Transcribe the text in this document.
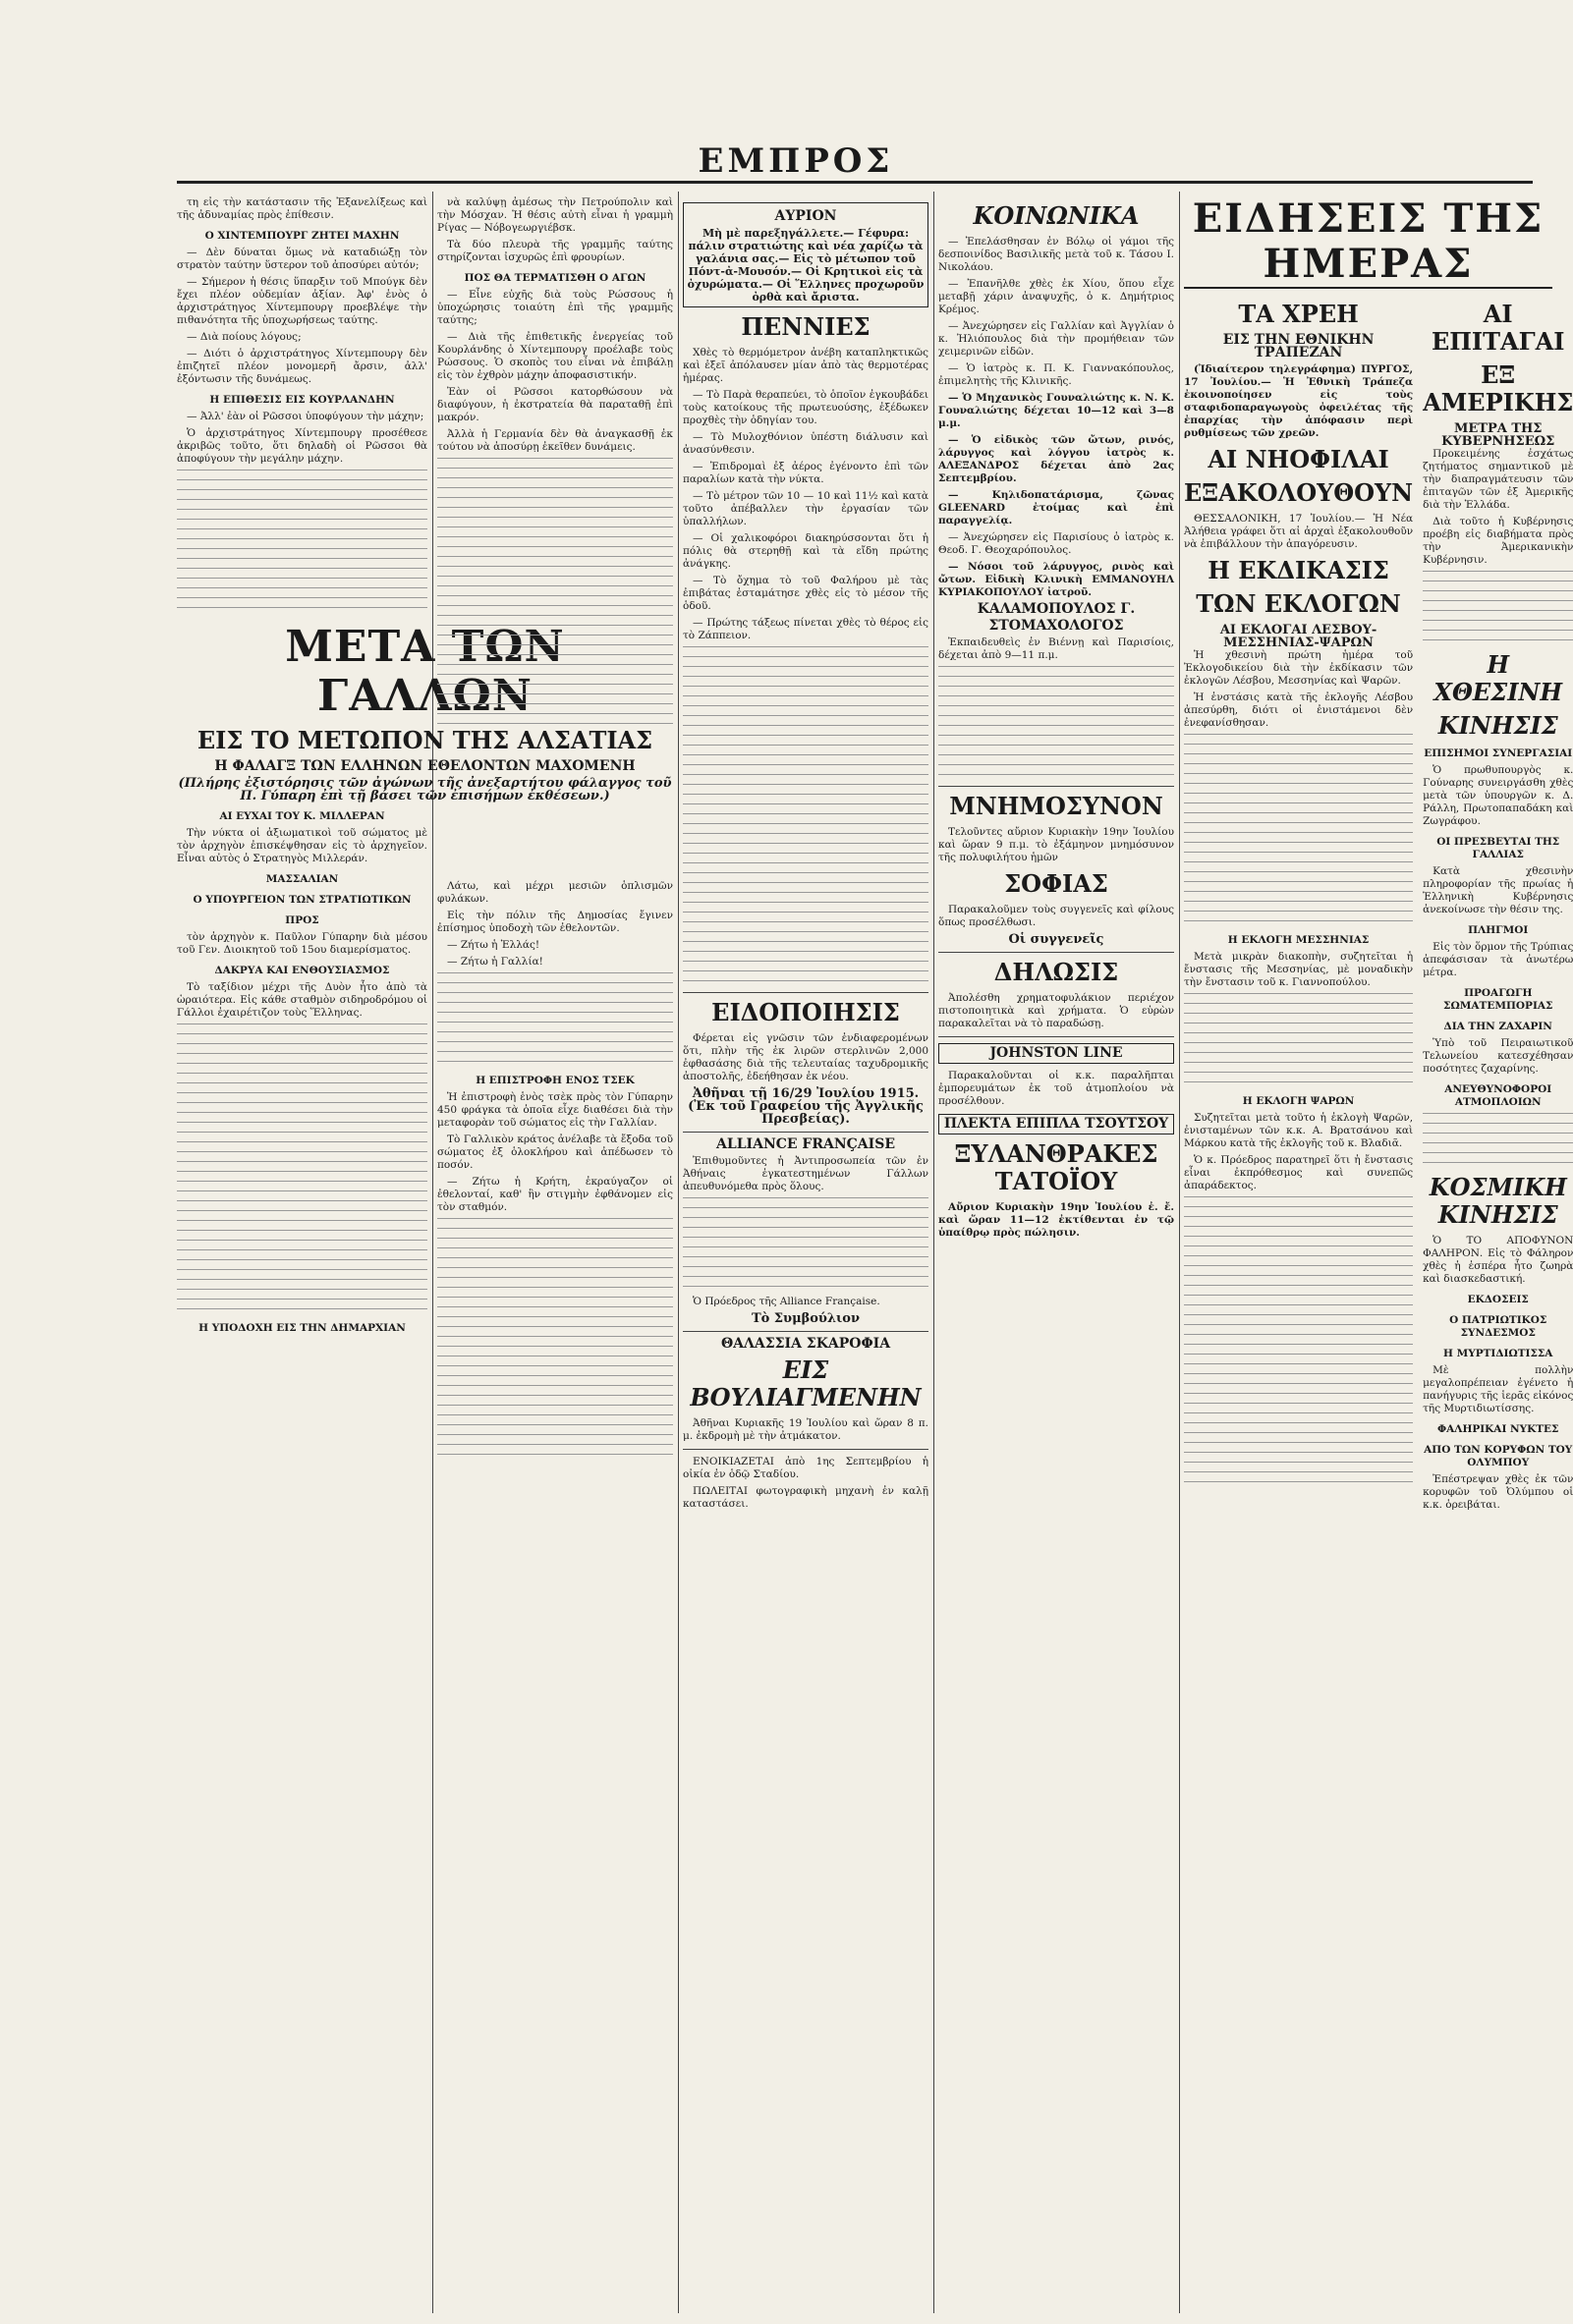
ΕΜΠΡΟΣ

τη εἰς τὴν κατάστασιν τῆς Ἐξανελίξεως καὶ τῆς ἀδυναμίας πρὸς ἐπίθεσιν.

Ο ΧΙΝΤΕΜΠΟΥΡΓ ΖΗΤΕΙ ΜΑΧΗΝ

— Δὲν δύναται ὅμως νὰ καταδιώξῃ τὸν στρατὸν ταύτην ὕστερον τοῦ ἀποσύρει αὐτόν;

— Σήμερον ἡ θέσις ὕπαρξιν τοῦ Μπούγκ δὲν ἔχει πλέον οὐδεμίαν ἀξίαν. Ἀφ' ἑνὸς ὁ ἀρχιστράτηγος Χίντεμπουργ προεβλέψε τὴν πιθανότητα τῆς ὑποχωρήσεως ταύτης.

— Διὰ ποίους λόγους;

— Διότι ὁ ἀρχιστράτηγος Χίντεμπουργ δὲν ἐπιζητεῖ πλέον μονομερῆ ἄρσιν, ἀλλ' ἐξόντωσιν τῆς δυνάμεως.

Η ΕΠΙΘΕΣΙΣ ΕΙΣ ΚΟΥΡΛΑΝΔΗΝ

— Ἀλλ' ἐὰν οἱ Ρῶσσοι ὑποφύγουν τὴν μάχην;

Ὁ ἀρχιστράτηγος Χίντεμπουργ προσέθεσε ἀκριβῶς τοῦτο, ὅτι δηλαδὴ οἱ Ρῶσσοι θὰ ἀποφύγουν τὴν μεγάλην μάχην.

ΜΕΤΑ ΤΩΝ ΓΑΛΛΩΝ
ΕΙΣ ΤΟ ΜΕΤΩΠΟΝ ΤΗΣ ΑΛΣΑΤΙΑΣ
Η ΦΑΛΑΓΞ ΤΩΝ ΕΛΛΗΝΩΝ ΕΘΕΛΟΝΤΩΝ ΜΑΧΟΜΕΝΗ
(Πλήρης ἐξιστόρησις τῶν ἀγώνων τῆς ἀνεξαρτήτου φάλαγγος τοῦ Π. Γύπαρη ἐπὶ τῇ βάσει τῶν ἐπισήμων ἐκθέσεων.)
ΑΙ ΕΥΧΑΙ ΤΟΥ Κ. ΜΙΛΛΕΡΑΝ

Τὴν νύκτα οἱ ἀξιωματικοὶ τοῦ σώματος μὲ τὸν ἀρχηγὸν ἐπισκέψθησαν εἰς τὸ ἀρχηγεῖον. Εἶναι αὐτὸς ὁ Στρατηγὸς Μιλλεράν.

ΜΑΣΣΑΛΙΑΝ
Ο ΥΠΟΥΡΓΕΙΟΝ ΤΩΝ ΣΤΡΑΤΙΩΤΙΚΩΝ
ΠΡΟΣ

τὸν ἀρχηγὸν κ. Παῦλον Γύπαρην διὰ μέσου τοῦ Γεν. Διοικητοῦ τοῦ 15ου διαμερίσματος.

ΔΑΚΡΥΑ ΚΑΙ ΕΝΘΟΥΣΙΑΣΜΟΣ

Τὸ ταξίδιον μέχρι τῆς Δυὸν ἦτο ἀπὸ τὰ ὡραιότερα. Εἰς κάθε σταθμὸν σιδηροδρόμου οἱ Γάλλοι ἐχαιρέτιζον τοὺς Ἕλληνας.

Η ΥΠΟΔΟΧΗ ΕΙΣ ΤΗΝ ΔΗΜΑΡΧΙΑΝ

νὰ καλύψῃ ἀμέσως τὴν Πετρούπολιν καὶ τὴν Μόσχαν. Ἡ θέσις αὐτὴ εἶναι ἡ γραμμὴ Ρίγας — Νόβογεωργιέβσκ.

Τὰ δύο πλευρὰ τῆς γραμμῆς ταύτης στηρίζονται ἰσχυρῶς ἐπὶ φρουρίων.

ΠΟΣ ΘΑ ΤΕΡΜΑΤΙΣΘΗ Ο ΑΓΩΝ

— Εἶνε εὐχῆς διὰ τοὺς Ρώσσους ἡ ὑποχώρησις τοιαύτη ἐπὶ τῆς γραμμῆς ταύτης;

— Διὰ τῆς ἐπιθετικῆς ἐνεργείας τοῦ Κουρλάνδης ὁ Χίντεμπουργ προέλαβε τοὺς Ρώσσους. Ὁ σκοπὸς του εἶναι νὰ ἐπιβάλῃ εἰς τὸν ἐχθρὸν μάχην ἀποφασιστικήν.

Ἐὰν οἱ Ρῶσσοι κατορθώσουν νὰ διαφύγουν, ἡ ἐκστρατεία θὰ παραταθῇ ἐπὶ μακρόν.

Ἀλλὰ ἡ Γερμανία δὲν θὰ ἀναγκασθῇ ἐκ τούτου νὰ ἀποσύρῃ ἐκεῖθεν δυνάμεις.

Λάτω, καὶ μέχρι μεσιῶν ὁπλισμῶν φυλάκων.

Εἰς τὴν πόλιν τῆς Δημοσίας ἔγινεν ἐπίσημος ὑποδοχὴ τῶν ἐθελοντῶν.

— Ζήτω ἡ Ἑλλάς!

— Ζήτω ἡ Γαλλία!

Η ΕΠΙΣΤΡΟΦΗ ΕΝΟΣ ΤΣΕΚ

Ἡ ἐπιστροφὴ ἑνὸς τσὲκ πρὸς τὸν Γύπαρην 450 φράγκα τὰ ὁποῖα εἶχε διαθέσει διὰ τὴν μεταφορὰν τοῦ σώματος εἰς τὴν Γαλλίαν.

Τὸ Γαλλικὸν κράτος ἀνέλαβε τὰ ἔξοδα τοῦ σώματος ἐξ ὁλοκλήρου καὶ ἀπέδωσεν τὸ ποσόν.

— Ζήτω ἡ Κρήτη, ἐκραύγαζον οἱ ἐθελονταί, καθ' ἣν στιγμὴν ἐφθάνομεν εἰς τὸν σταθμόν.

ΑΥΡΙΟΝ
Μὴ μὲ παρεξηγάλλετε.— Γέφυρα: πάλιν στρατιώτης καὶ νέα χαρίζω τὰ γαλάνια σας.— Εἰς τὸ μέτωπον τοῦ Πόντ-ἀ-Μουσόν.— Οἱ Κρητικοὶ εἰς τὰ ὀχυρώματα.— Οἱ Ἕλληνες προχωροῦν ὀρθὰ καὶ ἄριστα.
ΠΕΝΝΙΕΣ

Χθὲς τὸ θερμόμετρον ἀνέβη καταπληκτικῶς καὶ ἐξεῖ ἀπόλαυσεν μίαν ἀπὸ τὰς θερμοτέρας ἡμέρας.

— Τὸ Παρὰ θεραπεύει, τὸ ὁποῖον ἐγκουβάδει τοὺς κατοίκους τῆς πρωτευούσης, ἐξέδωκεν προχθὲς τὴν ὁδηγίαν του.

— Τὸ Μυλοχθόνιον ὑπέστη διάλυσιν καὶ ἀνασύνθεσιν.

— Ἐπιδρομαὶ ἐξ ἀέρος ἐγένοντο ἐπὶ τῶν παραλίων κατὰ τὴν νύκτα.

— Τὸ μέτρον τῶν 10 — 10 καὶ 11½ καὶ κατὰ τοῦτο ἀπέβαλλεν τὴν ἐργασίαν τῶν ὑπαλλήλων.

— Οἱ χαλικοφόροι διακηρύσσονται ὅτι ἡ πόλις θὰ στερηθῇ καὶ τὰ εἴδη πρώτης ἀνάγκης.

— Τὸ ὄχημα τὸ τοῦ Φαλήρου μὲ τὰς ἐπιβάτας ἐσταμάτησε χθὲς εἰς τὸ μέσον τῆς ὁδοῦ.

— Πρώτης τάξεως πίνεται χθὲς τὸ θέρος εἰς τὸ Ζάππειον.

ΕΙΔΟΠΟΙΗΣΙΣ

Φέρεται εἰς γνῶσιν τῶν ἐνδιαφερομένων ὅτι, πλὴν τῆς ἐκ λιρῶν στερλινῶν 2,000 ἐφθασάσης διὰ τῆς τελευταίας ταχυδρομικῆς ἀποστολῆς, ἐδεήθησαν ἐκ νέου.

Ἀθῆναι τῇ 16/29 Ἰουλίου 1915.
(Ἐκ τοῦ Γραφείου τῆς Ἀγγλικῆς Πρεσβείας).
ALLIANCE FRANÇAISE

Ἐπιθυμοῦντες ἡ Ἀντιπροσωπεία τῶν ἐν Ἀθήναις ἐγκατεστημένων Γάλλων ἀπευθυνόμεθα πρὸς ὅλους.

Ὁ Πρόεδρος τῆς Alliance Française.

Τὸ Συμβούλιον
ΘΑΛΑΣΣΙΑ ΣΚΑΡΟΦΙΑ
ΕΙΣ ΒΟΥΛΙΑΓΜΕΝΗΝ

Ἀθῆναι Κυριακῆς 19 Ἰουλίου καὶ ὥραν 8 π. μ. ἐκδρομὴ μὲ τὴν ἀτμάκατον.

ΕΝΟΙΚΙΑΖΕΤΑΙ ἀπὸ 1ης Σεπτεμβρίου ἡ οἰκία ἐν ὁδῷ Σταδίου.

ΠΩΛΕΙΤΑΙ φωτογραφικὴ μηχανὴ ἐν καλῇ καταστάσει.

ΚΟΙΝΩΝΙΚΑ

— Ἐπελάσθησαν ἐν Βόλῳ οἱ γάμοι τῆς δεσποινίδος Βασιλικῆς μετὰ τοῦ κ. Τάσου Ι. Νικολάου.

— Ἐπανῆλθε χθὲς ἐκ Χίου, ὅπου εἶχε μεταβῇ χάριν ἀναψυχῆς, ὁ κ. Δημήτριος Κρέμος.

— Ἀνεχώρησεν εἰς Γαλλίαν καὶ Ἀγγλίαν ὁ κ. Ἠλιόπουλος διὰ τὴν προμήθειαν τῶν χειμερινῶν εἰδῶν.

— Ὁ ἰατρὸς κ. Π. Κ. Γιαννακόπουλος, ἐπιμελητὴς τῆς Κλινικῆς.

— Ὁ Μηχανικὸς Γουναλιώτης κ. Ν. Κ. Γουναλιώτης δέχεται 10—12 καὶ 3—8 μ.μ.

— Ὁ εἰδικὸς τῶν ὤτων, ρινός, λάρυγγος καὶ λόγγου ἰατρὸς κ. ΑΛΕΞΑΝΔΡΟΣ δέχεται ἀπὸ 2ας Σεπτεμβρίου.

— Κηλιδοπατάρισμα, ζῶνας GLEENARD ἐτοίμας καὶ ἐπὶ παραγγελίᾳ.

— Ἀνεχώρησεν εἰς Παρισίους ὁ ἰατρὸς κ. Θεοδ. Γ. Θεοχαρόπουλος.

— Νόσοι τοῦ λάρυγγος, ρινὸς καὶ ὤτων. Εἰδικὴ Κλινικὴ ΕΜΜΑΝΟΥΗΛ ΚΥΡΙΑΚΟΠΟΥΛΟΥ ἰατροῦ.

ΚΑΛΑΜΟΠΟΥΛΟΣ Γ.
ΣΤΟΜΑΧΟΛΟΓΟΣ

Ἐκπαιδευθεὶς ἐν Βιέννῃ καὶ Παρισίοις, δέχεται ἀπὸ 9—11 π.μ.

ΜΝΗΜΟΣΥΝΟΝ

Τελοῦντες αὔριον Κυριακὴν 19ην Ἰουλίου καὶ ὥραν 9 π.μ. τὸ ἐξάμηνον μνημόσυνον τῆς πολυφιλήτου ἡμῶν

ΣΟΦΙΑΣ

Παρακαλοῦμεν τοὺς συγγενεῖς καὶ φίλους ὅπως προσέλθωσι.

Οἱ συγγενεῖς
ΔΗΛΩΣΙΣ

Ἀπολέσθη χρηματοφυλάκιον περιέχον πιστοποιητικὰ καὶ χρήματα. Ὁ εὑρὼν παρακαλεῖται νὰ τὸ παραδώσῃ.

JOHNSTON LINE

Παρακαλοῦνται οἱ κ.κ. παραλῆπται ἐμπορευμάτων ἐκ τοῦ ἀτμοπλοίου νὰ προσέλθουν.

ΠΛΕΚΤΑ ΕΠΙΠΛΑ ΤΣΟΥΤΣΟΥ
ΞΥΛΑΝΘΡΑΚΕΣ ΤΑΤΟΪΟΥ

Αὔριον Κυριακὴν 19ην Ἰουλίου ἐ. ἔ. καὶ ὥραν 11—12 ἐκτίθενται ἐν τῷ ὑπαίθρῳ πρὸς πώλησιν.

ΕΙΔΗΣΕΙΣ ΤΗΣ ΗΜΕΡΑΣ
ΤΑ ΧΡΕΗ
ΕΙΣ ΤΗΝ ΕΘΝΙΚΗΝ ΤΡΑΠΕΖΑΝ

(Ἰδιαίτερον τηλεγράφημα) ΠΥΡΓΟΣ, 17 Ἰουλίου.— Ἡ Ἐθνικὴ Τράπεζα ἐκοινοποίησεν εἰς τοὺς σταφιδοπαραγωγοὺς ὀφειλέτας τῆς ἐπαρχίας τὴν ἀπόφασιν περὶ ρυθμίσεως τῶν χρεῶν.

ΑΙ ΝΗΟΦΙΛΑΙ
ΕΞΑΚΟΛΟΥΘΟΥΝ

ΘΕΣΣΑΛΟΝΙΚΗ, 17 Ἰουλίου.— Ἡ Νέα Ἀλήθεια γράφει ὅτι αἱ ἀρχαὶ ἐξακολουθοῦν νὰ ἐπιβάλλουν τὴν ἀπαγόρευσιν.

Η ΕΚΔΙΚΑΣΙΣ
ΤΩΝ ΕΚΛΟΓΩΝ
ΑΙ ΕΚΛΟΓΑΙ ΛΕΣΒΟΥ-ΜΕΣΣΗΝΙΑΣ-ΨΑΡΩΝ

Ἡ χθεσινὴ πρώτη ἡμέρα τοῦ Ἐκλογοδικείου διὰ τὴν ἐκδίκασιν τῶν ἐκλογῶν Λέσβου, Μεσσηνίας καὶ Ψαρῶν.

Ἡ ἐνστάσις κατὰ τῆς ἐκλογῆς Λέσβου ἀπεσύρθη, διότι οἱ ἐνιστάμενοι δὲν ἐνεφανίσθησαν.

Η ΕΚΛΟΓΗ ΜΕΣΣΗΝΙΑΣ

Μετὰ μικρὰν διακοπὴν, συζητεῖται ἡ ἔνστασις τῆς Μεσσηνίας, μὲ μοναδικὴν τὴν ἔνστασιν τοῦ κ. Γιαννοπούλου.

Η ΕΚΛΟΓΗ ΨΑΡΩΝ

Συζητεῖται μετὰ τοῦτο ἡ ἐκλογὴ Ψαρῶν, ἐνισταμένων τῶν κ.κ. Α. Βρατσάνου καὶ Μάρκου κατὰ τῆς ἐκλογῆς τοῦ κ. Βλαδιᾶ.

Ὁ κ. Πρόεδρος παρατηρεῖ ὅτι ἡ ἔνστασις εἶναι ἐκπρόθεσμος καὶ συνεπῶς ἀπαράδεκτος.

ΑΙ ΕΠΙΤΑΓΑΙ
ΕΞ ΑΜΕΡΙΚΗΣ
ΜΕΤΡΑ ΤΗΣ ΚΥΒΕΡΝΗΣΕΩΣ

Προκειμένης ἐσχάτως ζητήματος σημαντικοῦ μὲ τὴν διαπραγμάτευσιν τῶν ἐπιταγῶν τῶν ἐξ Ἀμερικῆς διὰ τὴν Ἑλλάδα.

Διὰ τοῦτο ἡ Κυβέρνησις προέβη εἰς διαβήματα πρὸς τὴν Ἀμερικανικὴν Κυβέρνησιν.

Η ΧΘΕΣΙΝΗ
ΚΙΝΗΣΙΣ
ΕΠΙΣΗΜΟΙ ΣΥΝΕΡΓΑΣΙΑΙ

Ὁ πρωθυπουργὸς κ. Γούναρης συνειργάσθη χθὲς μετὰ τῶν ὑπουργῶν κ. Δ. Ράλλη, Πρωτοπαπαδάκη καὶ Ζωγράφου.

ΟΙ ΠΡΕΣΒΕΥΤΑΙ ΤΗΣ ΓΑΛΛΙΑΣ

Κατὰ χθεσινὴν πληροφορίαν τῆς πρωίας ἡ Ἑλληνικὴ Κυβέρνησις ἀνεκοίνωσε τὴν θέσιν της.

ΠΛΗΓΜΟΙ

Εἰς τὸν ὅρμον τῆς Τρύπιας ἀπεφάσισαν τὰ ἀνωτέρω μέτρα.

ΠΡΟΑΓΩΓΗ ΣΩΜΑΤΕΜΠΟΡΙΑΣ
ΔΙΑ ΤΗΝ ΖΑΧΑΡΙΝ

Ὑπὸ τοῦ Πειραιωτικοῦ Τελωνείου κατεσχέθησαν ποσότητες ζαχαρίνης.

ΑΝΕΥΘΥΝΟΦΟΡΟΙ ΑΤΜΟΠΛΟΙΩΝ
ΚΟΣΜΙΚΗ ΚΙΝΗΣΙΣ

Ὁ ΤΟ ΑΠΟΦΥΝΟΝ ΦΑΛΗΡΟΝ. Εἰς τὸ Φάληρον χθὲς ἡ ἐσπέρα ἦτο ζωηρὰ καὶ διασκεδαστική.

ΕΚΔΟΣΕΙΣ
Ο ΠΑΤΡΙΩΤΙΚΟΣ ΣΥΝΔΕΣΜΟΣ
Η ΜΥΡΤΙΔΙΩΤΙΣΣΑ

Μὲ πολλὴν μεγαλοπρέπειαν ἐγένετο ἡ πανήγυρις τῆς ἱερᾶς εἰκόνος τῆς Μυρτιδιωτίσσης.

ΦΑΛΗΡΙΚΑΙ ΝΥΚΤΕΣ
ΑΠΟ ΤΩΝ ΚΟΡΥΦΩΝ ΤΟΥ ΟΛΥΜΠΟΥ

Ἐπέστρεψαν χθὲς ἐκ τῶν κορυφῶν τοῦ Ὀλύμπου οἱ κ.κ. ὁρειβάται.
